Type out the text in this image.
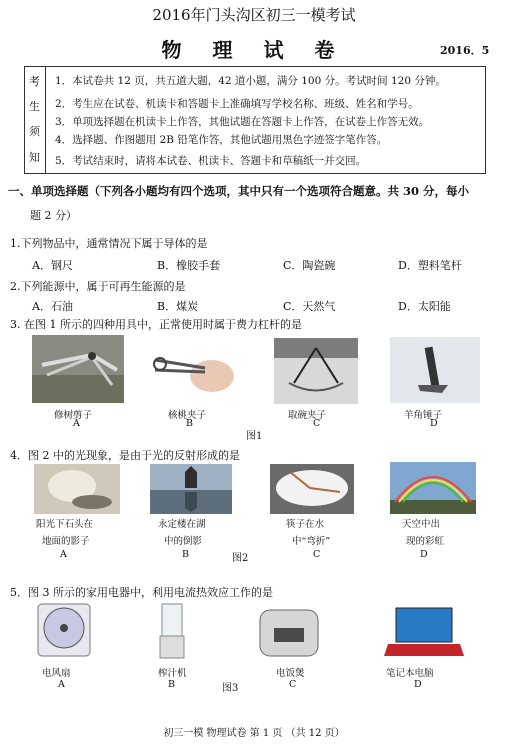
2016年门头沟区初三一模考试
物 理 试 卷	2016．5
考
生
须
知
1．本试卷共 12 页，共五道大题，42 道小题，满分 100 分。考试时间 120 分钟。
2．考生应在试卷、机读卡和答题卡上准确填写学校名称、班级、姓名和学号。
3．单项选择题在机读卡上作答，其他试题在答题卡上作答，在试卷上作答无效。
4．选择题、作图题用 2B 铅笔作答，其他试题用黑色字迹签字笔作答。
5．考试结束时，请将本试卷、机读卡、答题卡和草稿纸一并交回。
一、单项选择题（下列各小题均有四个选项，其中只有一个选项符合题意。共 30 分，每小
题 2 分）
1.下列物品中，通常情况下属于导体的是
A．钢尺	B．橡胶手套	C．陶瓷碗	D．塑料笔杆
2.下列能源中，属于可再生能源的是
A．石油	B．煤炭	C．天然气	D．太阳能
3. 在图 1 所示的四种用具中，正常使用时属于费力杠杆的是
修树剪子	核桃夹子	取碗夹子	羊角锤子
A	B	C	D
图1
4．图 2 中的光现象，是由于光的反射形成的是
阳光下石头在
地面的影子
永定楼在湖
中的倒影
筷子在水
中“弯折”
天空中出
现的彩虹
图2
A	B	C	D
5．图 3 所示的家用电器中，利用电流热效应工作的是
电风扇	榨汁机	电饭煲	笔记本电脑
A	B	C	D
图3
初三一模 物理试卷 第 1 页 （共 12 页）
